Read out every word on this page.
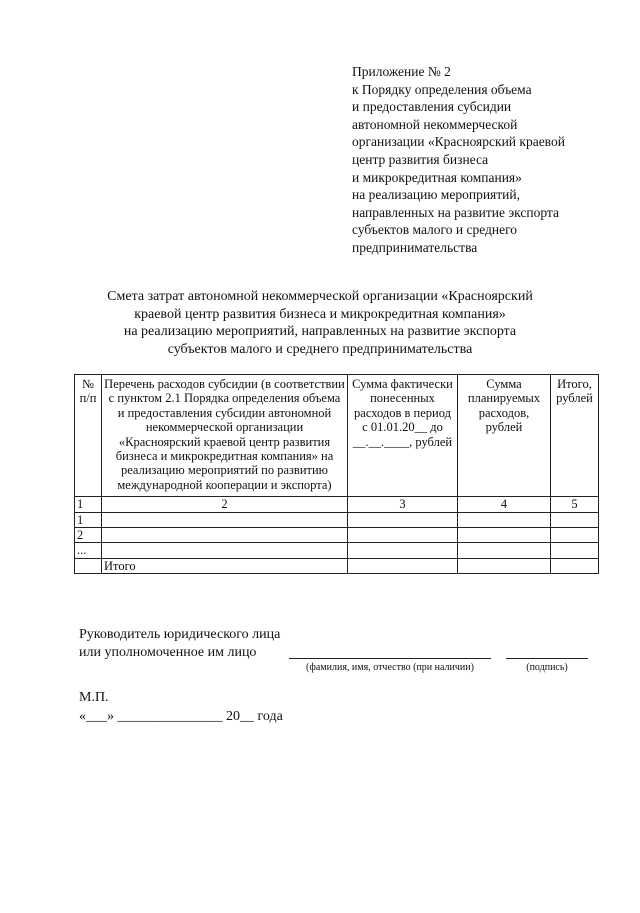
Приложение № 2
к Порядку определения объема
и предоставления субсидии
автономной некоммерческой
организации «Красноярский краевой
центр развития бизнеса
и микрокредитная компания»
на реализацию мероприятий,
направленных на развитие экспорта
субъектов малого и среднего
предпринимательства
Смета затрат автономной некоммерческой организации «Красноярский
краевой центр развития бизнеса и микрокредитная компания»
на реализацию мероприятий, направленных на развитие экспорта
субъектов малого и среднего предпринимательства
№ п/п	Перечень расходов субсидии (в соответствии с пунктом 2.1 Порядка определения объема и предоставления субсидии автономной некоммерческой организации «Красноярский краевой центр развития бизнеса и микрокредитная компания» на реализацию мероприятий по развитию международной кооперации и экспорта)	Сумма фактически понесенных расходов в период с 01.01.20__ до __.__.____, рублей	Сумма планируемых расходов, рублей	Итого, рублей
1	2	3	4	5
1				
2				
...				
	Итого			
Руководитель юридического лица
или уполномоченное им лицо
(фамилия, имя, отчество (при наличии)	(подпись)
М.П.
«___» _______________ 20__ года
